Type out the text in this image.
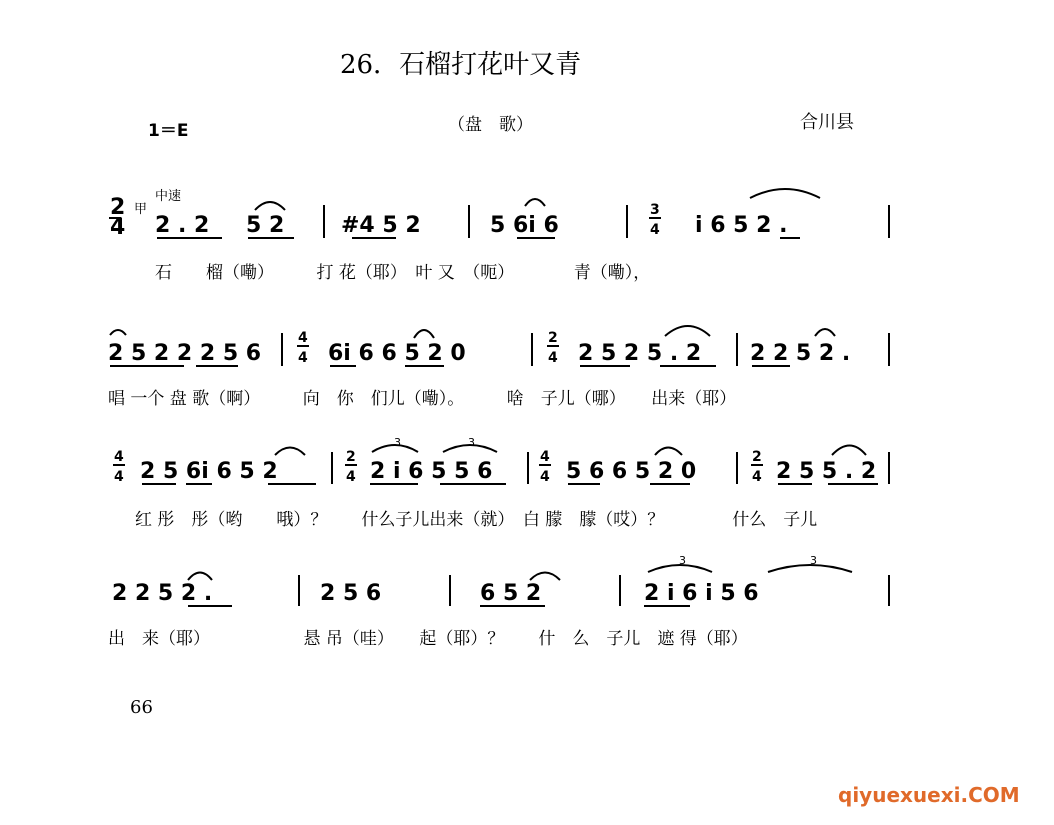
26．石榴打花叶又青
1＝E	（盘　歌）	合川县
中速
2
4
甲
2 . 2 5 2	#4 5 2	5 6i 6
3
4 i 6 5 2 .
2 5 2 2 2 5 6
4
4 6i 6 6 5 2 0
2
4 2 5 2 5 . 2 2 2 5 2 .
4
4 2 5 6i 6 5 2
2
4 2 i 6 5 5 6
4
4 5 6 6 5 2 0
2
4 2 5 5 . 2
2 2 5 2 .	2 5 6	6 5 2	2 i 6 i 5 6
3	3
3	3
石　　榴（嘞）　　　打 花（耶）　叶 又　（呃）　　　　青（嘞），
唱 一个 盘 歌（啊）　　　向　你　们儿（嘞）。　　　啥　子儿（哪）　　出来（耶）
红 彤　彤（哟　　哦）？　　什么子儿出来（就）　白 朦　朦（哎）？　　　　什么　子儿
出　来（耶）　　　　　　悬 吊（哇）　　起（耶）？　　什　么　子儿　遮 得（耶）
66
qiyuexuexi.COM
